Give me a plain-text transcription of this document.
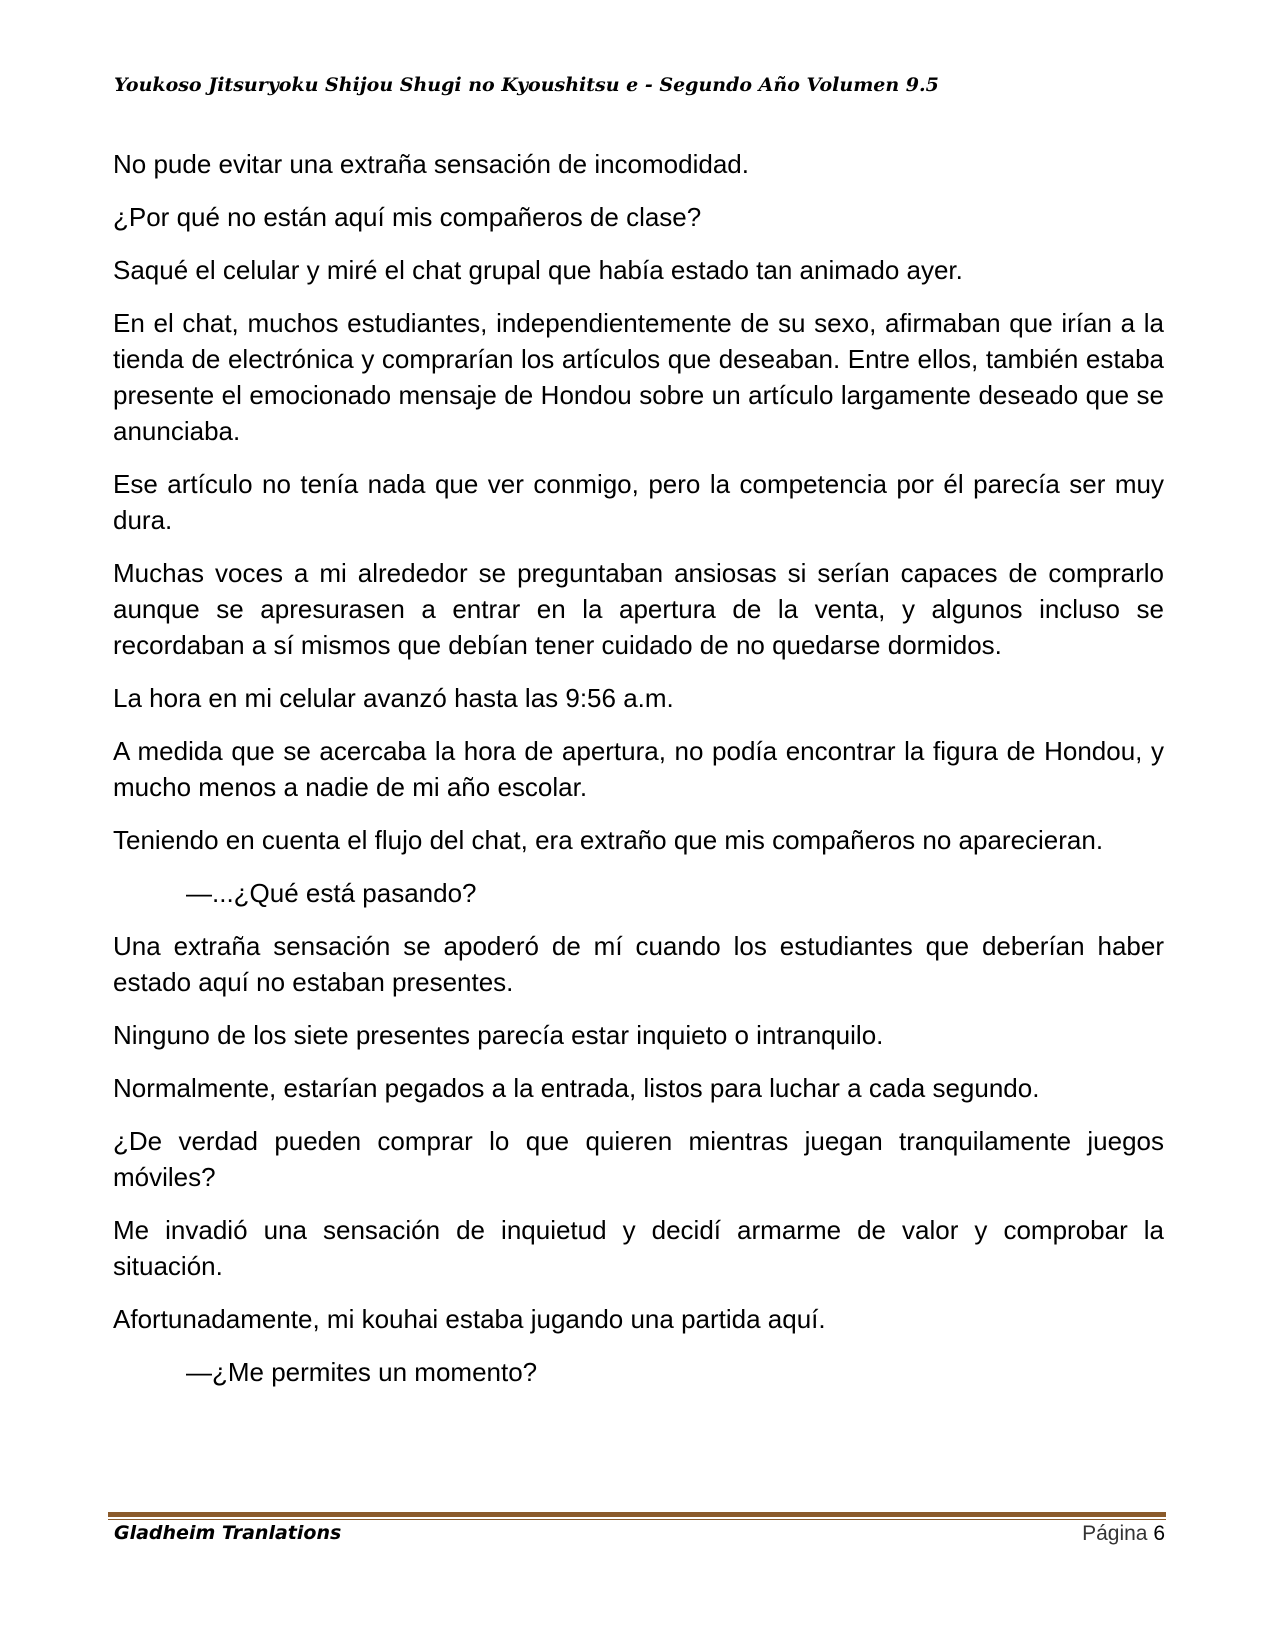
Youkoso Jitsuryoku Shijou Shugi no Kyoushitsu e - Segundo Año Volumen 9.5

No pude evitar una extraña sensación de incomodidad.

¿Por qué no están aquí mis compañeros de clase?

Saqué el celular y miré el chat grupal que había estado tan animado ayer.

En el chat, muchos estudiantes, independientemente de su sexo, afirmaban que irían a la tienda de electrónica y comprarían los artículos que deseaban. Entre ellos, también estaba presente el emocionado mensaje de Hondou sobre un artículo largamente deseado que se anunciaba.

Ese artículo no tenía nada que ver conmigo, pero la competencia por él parecía ser muy dura.

Muchas voces a mi alrededor se preguntaban ansiosas si serían capaces de comprarlo aunque se apresurasen a entrar en la apertura de la venta, y algunos incluso se recordaban a sí mismos que debían tener cuidado de no quedarse dormidos.

La hora en mi celular avanzó hasta las 9:56 a.m.

A medida que se acercaba la hora de apertura, no podía encontrar la figura de Hondou, y mucho menos a nadie de mi año escolar.

Teniendo en cuenta el flujo del chat, era extraño que mis compañeros no aparecieran.

—...¿Qué está pasando?

Una extraña sensación se apoderó de mí cuando los estudiantes que deberían haber estado aquí no estaban presentes.

Ninguno de los siete presentes parecía estar inquieto o intranquilo.

Normalmente, estarían pegados a la entrada, listos para luchar a cada segundo.

¿De verdad pueden comprar lo que quieren mientras juegan tranquilamente juegos móviles?

Me invadió una sensación de inquietud y decidí armarme de valor y comprobar la situación.

Afortunadamente, mi kouhai estaba jugando una partida aquí.

—¿Me permites un momento?

Gladheim Tranlations	Página 6
